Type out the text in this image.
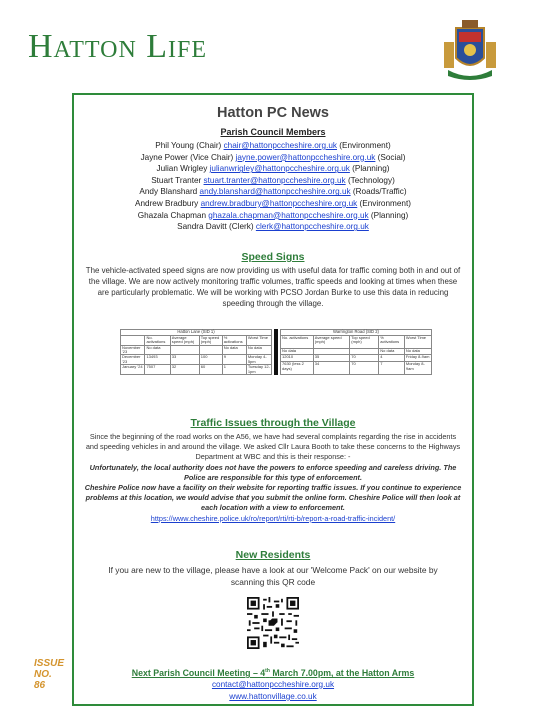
Hatton Life
ISSUE
NO.
86
Hatton PC News
Parish Council Members
Phil Young (Chair) chair@hattonpccheshire.org.uk (Environment)
Jayne Power (Vice Chair) jayne.power@hattonpccheshire.org.uk (Social)
Julian Wrigley julianwrigley@hattonpccheshire.org.uk (Planning)
Stuart Tranter stuart.tranter@hattonpccheshire.org.uk (Technology)
Andy Blanshard andy.blanshard@hattonpccheshire.org.uk (Roads/Traffic)
Andrew Bradbury andrew.bradbury@hattonpccheshire.org.uk (Environment)
Ghazala Chapman ghazala.chapman@hattonpccheshire.org.uk (Planning)
Sandra Davitt (Clerk) clerk@hattonpccheshire.org.uk
Speed Signs
The vehicle-activated speed signs are now providing us with useful data for traffic coming both in and out of the village. We are now actively monitoring traffic volumes, traffic speeds and looking at times when these are particularly problematic. We will be working with PCSO Jordan Burke to use this data in reducing speeding through the village.
Hatton Lane (SID 1)
	No. activations	Average speed (mph)	Top speed (mph)	% activations	Worst Time
November '23	No data			No data	No data
December '23	13493	33	100	9	Monday 4-5pm
January '24	7507	32	60	1	Tuesday 12-1pm
Warrington Road (SID 2)
No. activations	Average speed (mph)	Top speed (mph)	% activations	Worst Time
No data			No data	No data
12010	35	70	4	Friday 8-9am
7630 (less 2 days)	34	70	7	Monday 8-9am
Traffic Issues through the Village
Since the beginning of the road works on the A56, we have had several complaints regarding the rise in accidents and speeding vehicles in and around the village. We asked Cllr Laura Booth to take these concerns to the Highways Department at WBC and this is their response: -
Unfortunately, the local authority does not have the powers to enforce speeding and careless driving. The Police are responsible for this type of enforcement.
Cheshire Police now have a facility on their website for reporting traffic issues. If you continue to experience problems at this location, we would advise that you submit the online form. Cheshire Police will then look at each location with a view to enforcement.
https://www.cheshire.police.uk/ro/report/rti/rti-b/report-a-road-traffic-incident/
New Residents
If you are new to the village, please have a look at our 'Welcome Pack' on our website by scanning this QR code
Next Parish Council Meeting – 4th March 7.00pm, at the Hatton Arms
contact@hattonpccheshire.org.uk
www.hattonvillage.co.uk
